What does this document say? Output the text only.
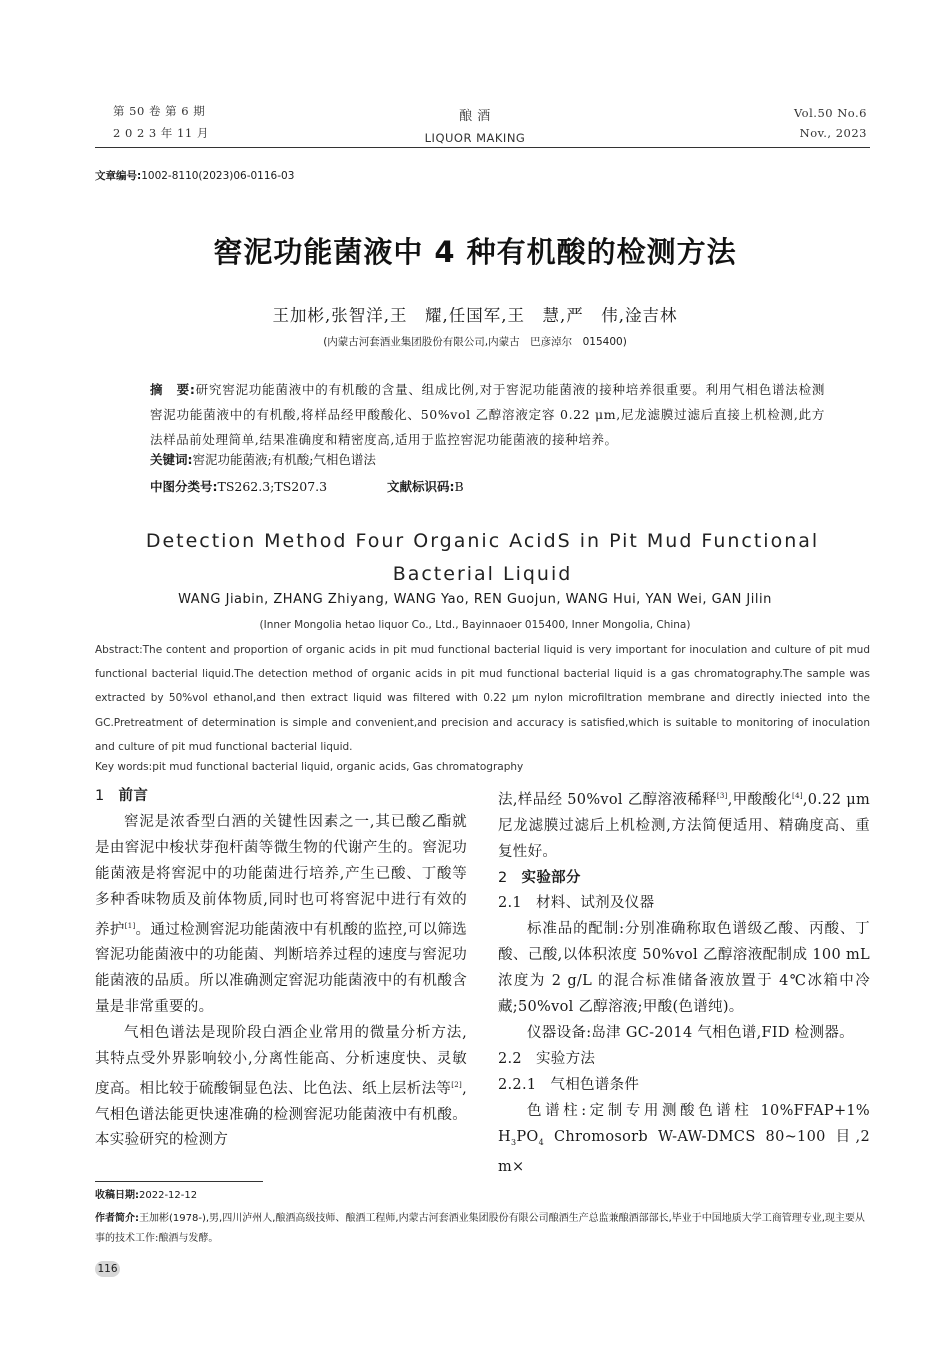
第 50 卷 第 6 期
2 0 2 3 年 11 月
酿 酒
LIQUOR MAKING
Vol.50 No.6
Nov., 2023
文章编号:1002-8110(2023)06-0116-03
窖泥功能菌液中 4 种有机酸的检测方法
王加彬,张智洋,王　耀,任国军,王　慧,严　伟,淦吉林
(内蒙古河套酒业集团股份有限公司,内蒙古　巴彦淖尔　015400)
摘　要:研究窖泥功能菌液中的有机酸的含量、组成比例,对于窖泥功能菌液的接种培养很重要。利用气相色谱法检测窖泥功能菌液中的有机酸,将样品经甲酸酸化、50%vol 乙醇溶液定容 0.22 μm,尼龙滤膜过滤后直接上机检测,此方法样品前处理简单,结果准确度和精密度高,适用于监控窖泥功能菌液的接种培养。
关键词:窖泥功能菌液;有机酸;气相色谱法
中图分类号:TS262.3;TS207.3	文献标识码:B
Detection Method Four Organic AcidS in Pit Mud Functional Bacterial Liquid
WANG Jiabin, ZHANG Zhiyang, WANG Yao, REN Guojun, WANG Hui, YAN Wei, GAN Jilin
(Inner Mongolia hetao liquor Co., Ltd., Bayinnaoer 015400, Inner Mongolia, China)
Abstract:The content and proportion of organic acids in pit mud functional bacterial liquid is very important for inoculation and culture of pit mud functional bacterial liquid.The detection method of organic acids in pit mud functional bacterial liquid is a gas chromatography.The sample was extracted by 50%vol ethanol,and then extract liquid was filtered with 0.22 μm nylon microfiltration membrane and directly iniected into the GC.Pretreatment of determination is simple and convenient,and precision and accuracy is satisfied,which is suitable to monitoring of inoculation and culture of pit mud functional bacterial liquid.
Key words:pit mud functional bacterial liquid, organic acids, Gas chromatography

1 前言

窖泥是浓香型白酒的关键性因素之一,其已酸乙酯就是由窖泥中梭状芽孢杆菌等微生物的代谢产生的。窖泥功能菌液是将窖泥中的功能菌进行培养,产生已酸、丁酸等多种香味物质及前体物质,同时也可将窖泥中进行有效的养护[1]。通过检测窖泥功能菌液中有机酸的监控,可以筛选窖泥功能菌液中的功能菌、判断培养过程的速度与窖泥功能菌液的品质。所以准确测定窖泥功能菌液中的有机酸含量是非常重要的。

气相色谱法是现阶段白酒企业常用的微量分析方法,其特点受外界影响较小,分离性能高、分析速度快、灵敏度高。相比较于硫酸铜显色法、比色法、纸上层析法等[2],气相色谱法能更快速准确的检测窖泥功能菌液中有机酸。本实验研究的检测方

法,样品经 50%vol 乙醇溶液稀释[3],甲酸酸化[4],0.22 μm 尼龙滤膜过滤后上机检测,方法简便适用、精确度高、重复性好。

2 实验部分

2.1 材料、试剂及仪器

标准品的配制:分别准确称取色谱级乙酸、丙酸、丁酸、己酸,以体积浓度 50%vol 乙醇溶液配制成 100 mL 浓度为 2 g/L 的混合标准储备液放置于 4℃冰箱中冷藏;50%vol 乙醇溶液;甲酸(色谱纯)。

仪器设备:岛津 GC-2014 气相色谱,FID 检测器。

2.2 实验方法

2.2.1 气相色谱条件

色谱柱:定制专用测酸色谱柱 10%FFAP+1% $H_3PO_4$ Chromosorb W-AW-DMCS 80~100 目,2 m×

收稿日期:2022-12-12
作者简介:王加彬(1978-),男,四川泸州人,酿酒高级技师、酿酒工程师,内蒙古河套酒业集团股份有限公司酿酒生产总监兼酿酒部部长,毕业于中国地质大学工商管理专业,现主要从事的技术工作:酿酒与发酵。
116
